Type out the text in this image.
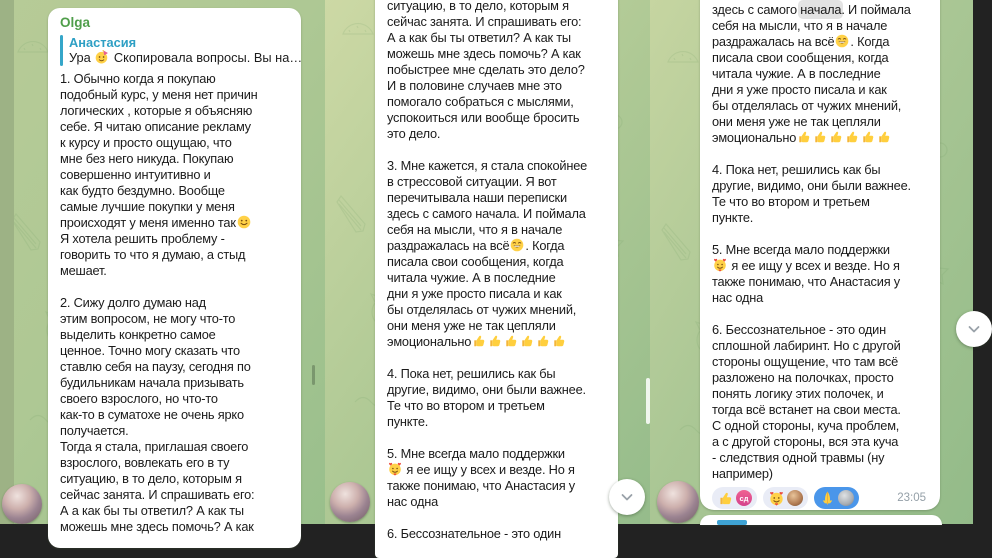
Olga
Анастасия
Ура  Скопировала вопросы. Вы на…
1. Обычно когда я покупаю
подобный курс, у меня нет причин
логических , которые я объясняю
себе. Я читаю описание рекламу
к курсу и просто ощущаю, что
мне без него никуда. Покупаю
совершенно интуитивно и
как будто бездумно. Вообще
самые лучшие покупки у меня
происходят у меня именно так
Я хотела решить проблему -
говорить то что я думаю, а стыд
мешает.

2. Сижу долго думаю над
этим вопросом, не могу что-то
выделить конкретно самое
ценное. Точно могу сказать что
ставлю себя на паузу, сегодня по
будильникам начала призывать
своего взрослого, но что-то
как-то в суматохе не очень ярко
получается.
Тогда я стала, приглашая своего
взрослого, вовлекать его в ту
ситуацию, в то дело, которым я
сейчас занята. И спрашивать его:
А а как бы ты ответил? А как ты
можешь мне здесь помочь? А как
ситуацию, в то дело, которым я
сейчас занята. И спрашивать его:
А а как бы ты ответил? А как ты
можешь мне здесь помочь? А как
побыстрее мне сделать это дело?
И в половине случаев мне это
помогало собраться с мыслями,
успокоиться или вообще бросить
это дело.

3. Мне кажется, я стала спокойнее
в стрессовой ситуации. Я вот
перечитывала наши переписки
здесь с самого начала. И поймала
себя на мысли, что я в начале
раздражалась на всё . Когда
писала свои сообщения, когда
читала чужие. А в последние
дни я уже просто писала и как
бы отделялась от чужих мнений,
они меня уже не так цепляли
эмоционально

4. Пока нет, решились как бы
другие, видимо, они были важнее.
Те что во втором и третьем
пункте.

5. Мне всегда мало поддержки
я ее ищу у всех и везде. Но я
также понимаю, что Анастасия у
нас одна

6. Бессознательное - это один
здесь с самого начала. И поймала
себя на мысли, что я в начале
раздражалась на всё . Когда
писала свои сообщения, когда
читала чужие. А в последние
дни я уже просто писала и как
бы отделялась от чужих мнений,
они меня уже не так цепляли
эмоционально

4. Пока нет, решились как бы
другие, видимо, они были важнее.
Те что во втором и третьем
пункте.

5. Мне всегда мало поддержки
я ее ищу у всех и везде. Но я
также понимаю, что Анастасия у
нас одна

6. Бессознательное - это один
сплошной лабиринт. Но с другой
стороны ощущение, что там всё
разложено на полочках, просто
понять логику этих полочек, и
тогда всё встанет на свои места.
С одной стороны, куча проблем,
а с другой стороны, вся эта куча
- следствия одной травмы (ну
например)
сд	23:05
